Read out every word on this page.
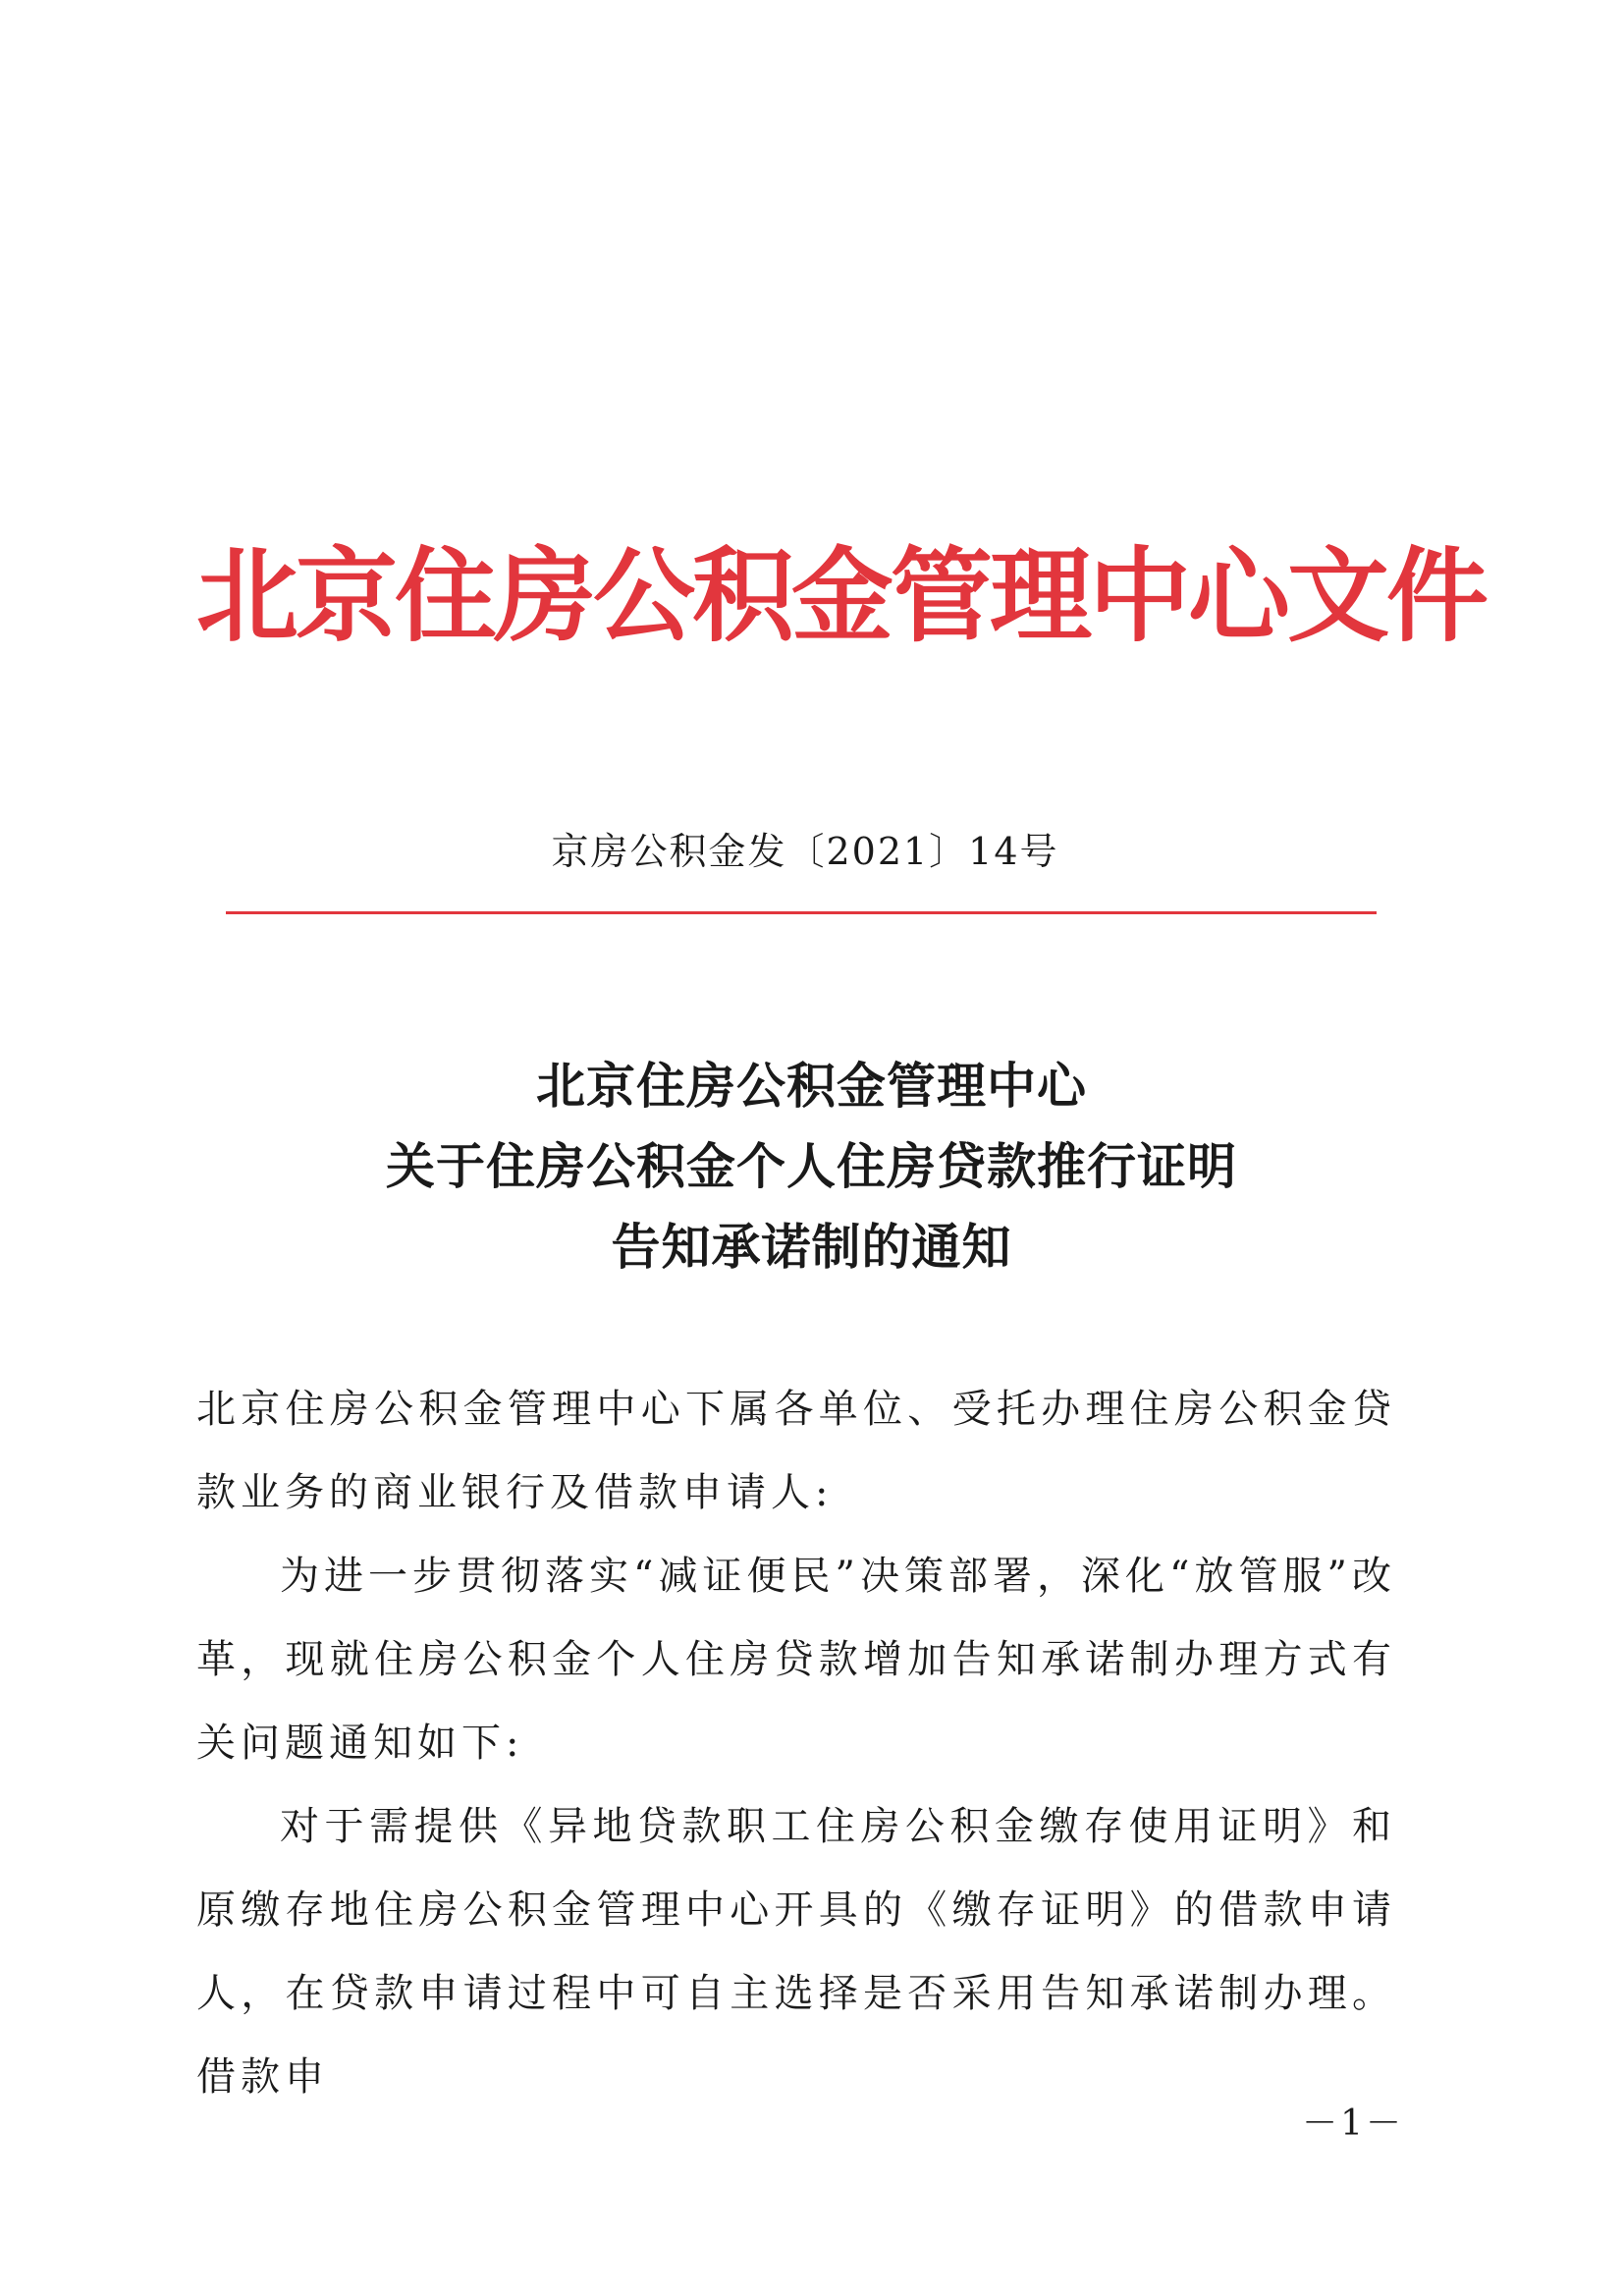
北京住房公积金管理中心文件
京房公积金发〔2021〕14号
北京住房公积金管理中心
关于住房公积金个人住房贷款推行证明
告知承诺制的通知

北京住房公积金管理中心下属各单位、受托办理住房公积金贷款业务的商业银行及借款申请人:

为进一步贯彻落实“减证便民”决策部署，深化“放管服”改革，现就住房公积金个人住房贷款增加告知承诺制办理方式有关问题通知如下:

对于需提供《异地贷款职工住房公积金缴存使用证明》和原缴存地住房公积金管理中心开具的《缴存证明》的借款申请人，在贷款申请过程中可自主选择是否采用告知承诺制办理。借款申

－1－
